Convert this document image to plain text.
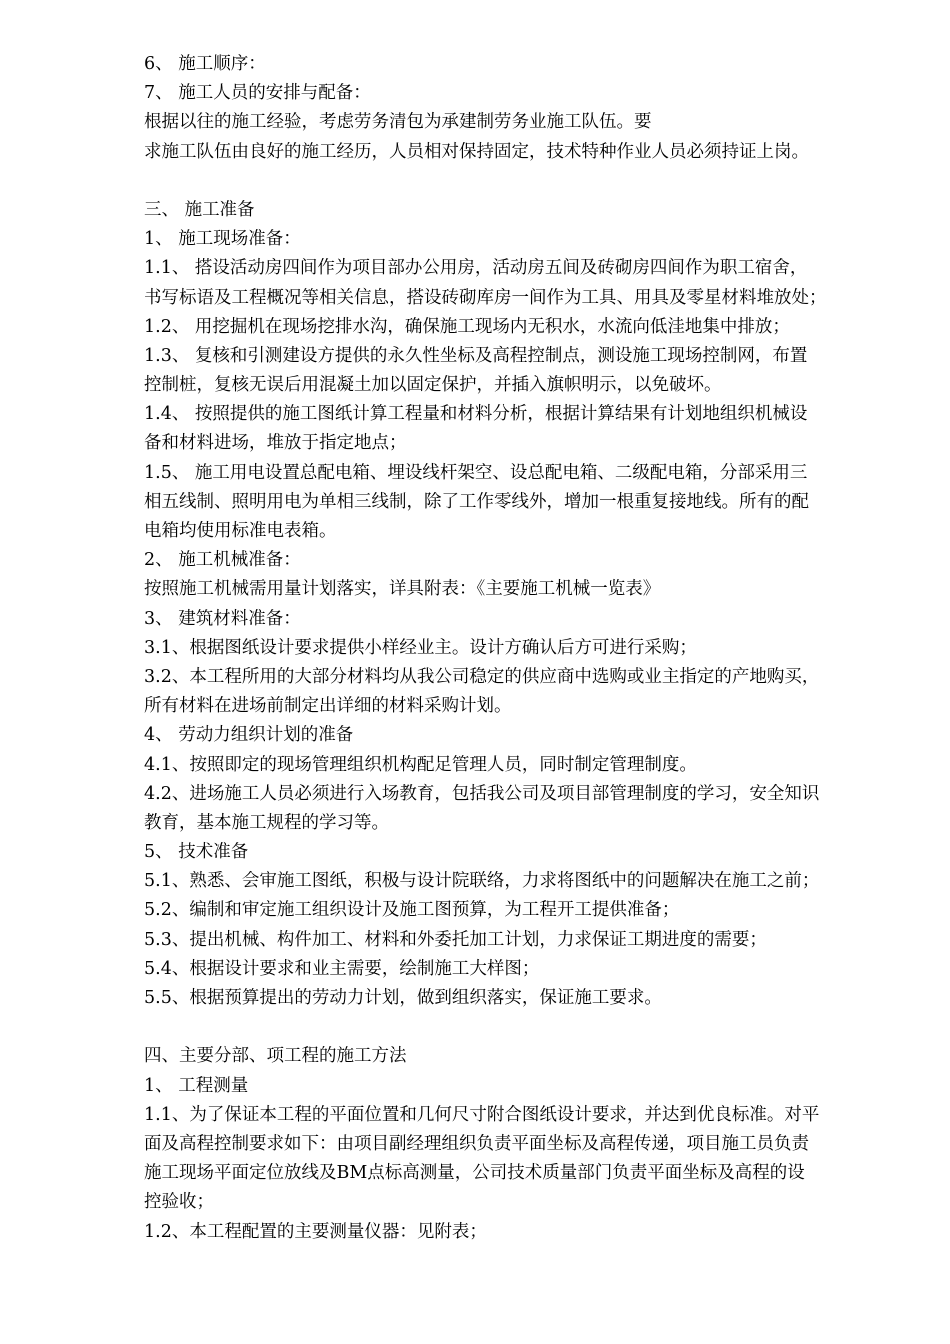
6、 施工顺序：
7、 施工人员的安排与配备：
根据以往的施工经验，考虑劳务清包为承建制劳务业施工队伍。要
求施工队伍由良好的施工经历，人员相对保持固定，技术特种作业人员必须持证上岗。
三、 施工准备
1、 施工现场准备：
1.1、 搭设活动房四间作为项目部办公用房，活动房五间及砖砌房四间作为职工宿舍，
书写标语及工程概况等相关信息，搭设砖砌库房一间作为工具、用具及零星材料堆放处；
1.2、 用挖掘机在现场挖排水沟，确保施工现场内无积水，水流向低洼地集中排放；
1.3、 复核和引测建设方提供的永久性坐标及高程控制点，测设施工现场控制网，布置
控制桩，复核无误后用混凝土加以固定保护，并插入旗帜明示，以免破坏。
1.4、 按照提供的施工图纸计算工程量和材料分析，根据计算结果有计划地组织机械设
备和材料进场，堆放于指定地点；
1.5、 施工用电设置总配电箱、埋设线杆架空、设总配电箱、二级配电箱，分部采用三
相五线制、照明用电为单相三线制，除了工作零线外，增加一根重复接地线。所有的配
电箱均使用标准电表箱。
2、 施工机械准备：
按照施工机械需用量计划落实，详具附表：《主要施工机械一览表》
3、 建筑材料准备：
3.1、根据图纸设计要求提供小样经业主。设计方确认后方可进行采购；
3.2、本工程所用的大部分材料均从我公司稳定的供应商中选购或业主指定的产地购买，
所有材料在进场前制定出详细的材料采购计划。
4、 劳动力组织计划的准备
4.1、按照即定的现场管理组织机构配足管理人员，同时制定管理制度。
4.2、进场施工人员必须进行入场教育，包括我公司及项目部管理制度的学习，安全知识
教育，基本施工规程的学习等。
5、 技术准备
5.1、熟悉、会审施工图纸，积极与设计院联络，力求将图纸中的问题解决在施工之前；
5.2、编制和审定施工组织设计及施工图预算，为工程开工提供准备；
5.3、提出机械、构件加工、材料和外委托加工计划，力求保证工期进度的需要；
5.4、根据设计要求和业主需要，绘制施工大样图；
5.5、根据预算提出的劳动力计划，做到组织落实，保证施工要求。
四、主要分部、项工程的施工方法
1、 工程测量
1.1、为了保证本工程的平面位置和几何尺寸附合图纸设计要求，并达到优良标准。对平
面及高程控制要求如下：由项目副经理组织负责平面坐标及高程传递，项目施工员负责
施工现场平面定位放线及BM点标高测量，公司技术质量部门负责平面坐标及高程的设
控验收；
1.2、本工程配置的主要测量仪器：见附表；
